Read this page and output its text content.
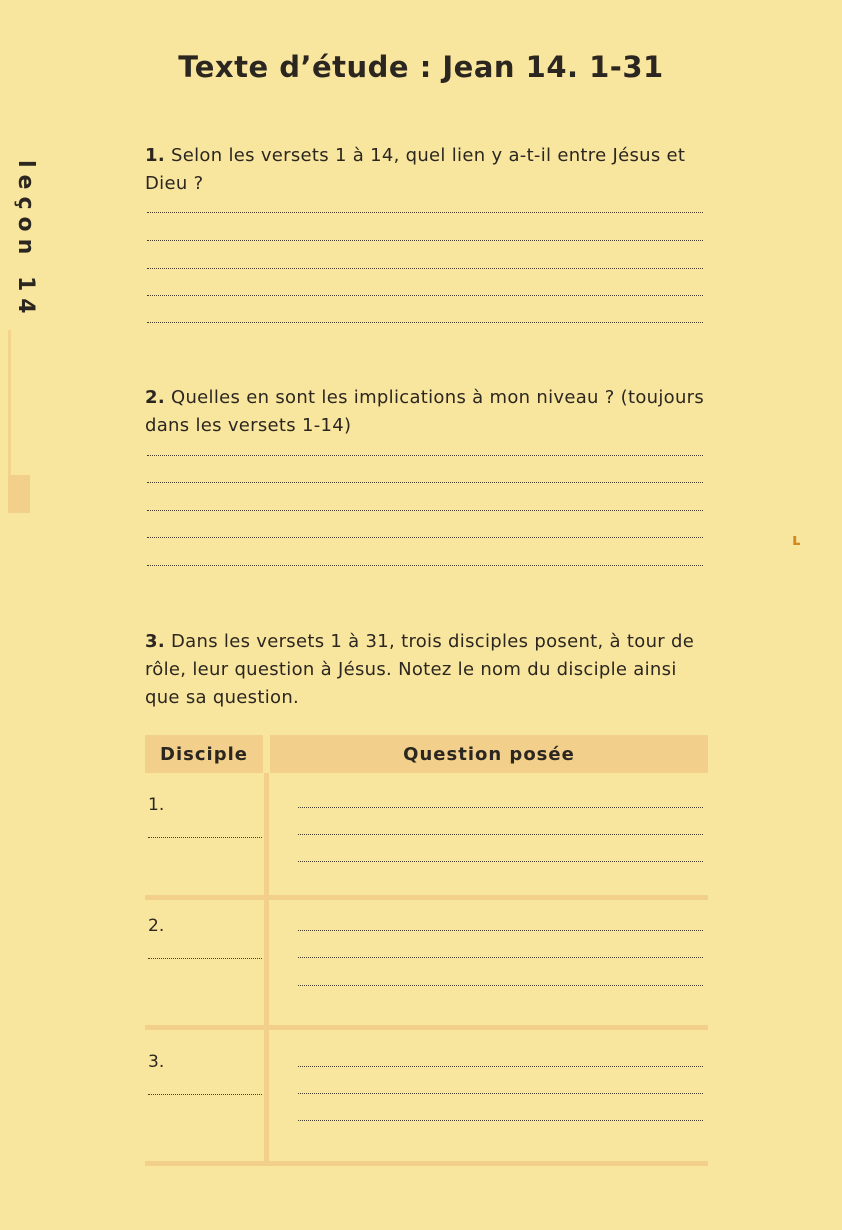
leçon 14
Texte d’étude : Jean 14. 1-31
1. Selon les versets 1 à 14, quel lien y a-t-il entre Jésus et Dieu ?
2. Quelles en sont les implications à mon niveau ? (toujours dans les versets 1-14)
ʟ
3. Dans les versets 1 à 31, trois disciples posent, à tour de rôle, leur question à Jésus. Notez le nom du disciple ainsi que sa question.
Disciple	Question posée
1.
2.
3.
